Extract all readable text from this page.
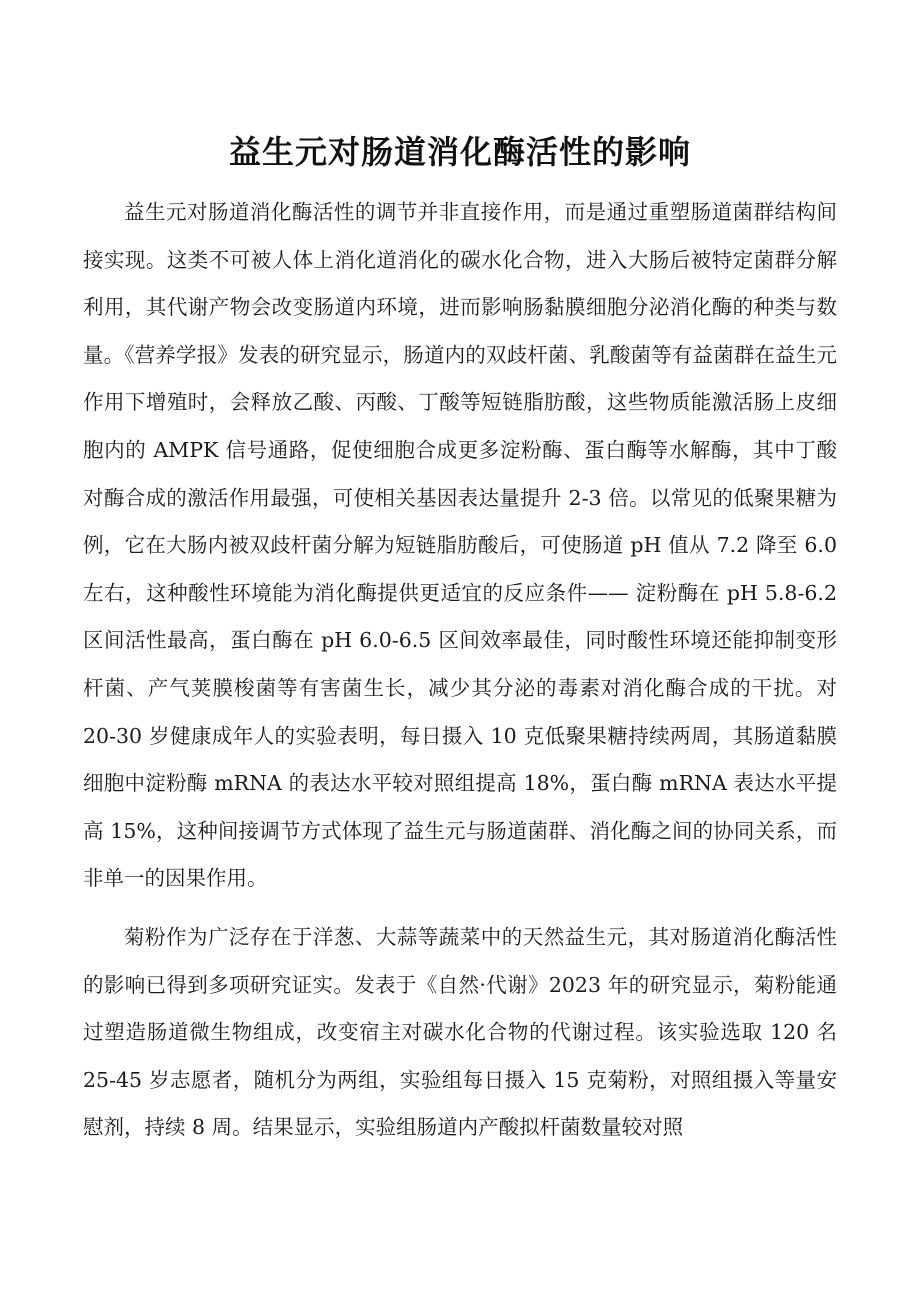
益生元对肠道消化酶活性的影响

益生元对肠道消化酶活性的调节并非直接作用，而是通过重塑肠道菌群结构间接实现。这类不可被人体上消化道消化的碳水化合物，进入大肠后被特定菌群分解利用，其代谢产物会改变肠道内环境，进而影响肠黏膜细胞分泌消化酶的种类与数量。《营养学报》发表的研究显示，肠道内的双歧杆菌、乳酸菌等有益菌群在益生元作用下增殖时，会释放乙酸、丙酸、丁酸等短链脂肪酸，这些物质能激活肠上皮细胞内的 AMPK 信号通路，促使细胞合成更多淀粉酶、蛋白酶等水解酶，其中丁酸对酶合成的激活作用最强，可使相关基因表达量提升 2-3 倍。以常见的低聚果糖为例，它在大肠内被双歧杆菌分解为短链脂肪酸后，可使肠道 pH 值从 7.2 降至 6.0 左右，这种酸性环境能为消化酶提供更适宜的反应条件—— 淀粉酶在 pH 5.8-6.2 区间活性最高，蛋白酶在 pH 6.0-6.5 区间效率最佳，同时酸性环境还能抑制变形杆菌、产气荚膜梭菌等有害菌生长，减少其分泌的毒素对消化酶合成的干扰。对 20-30 岁健康成年人的实验表明，每日摄入 10 克低聚果糖持续两周，其肠道黏膜细胞中淀粉酶 mRNA 的表达水平较对照组提高 18%，蛋白酶 mRNA 表达水平提高 15%，这种间接调节方式体现了益生元与肠道菌群、消化酶之间的协同关系，而非单一的因果作用。

菊粉作为广泛存在于洋葱、大蒜等蔬菜中的天然益生元，其对肠道消化酶活性的影响已得到多项研究证实。发表于《自然·代谢》2023 年的研究显示，菊粉能通过塑造肠道微生物组成，改变宿主对碳水化合物的代谢过程。该实验选取 120 名 25-45 岁志愿者，随机分为两组，实验组每日摄入 15 克菊粉，对照组摄入等量安慰剂，持续 8 周。结果显示，实验组肠道内产酸拟杆菌数量较对照
